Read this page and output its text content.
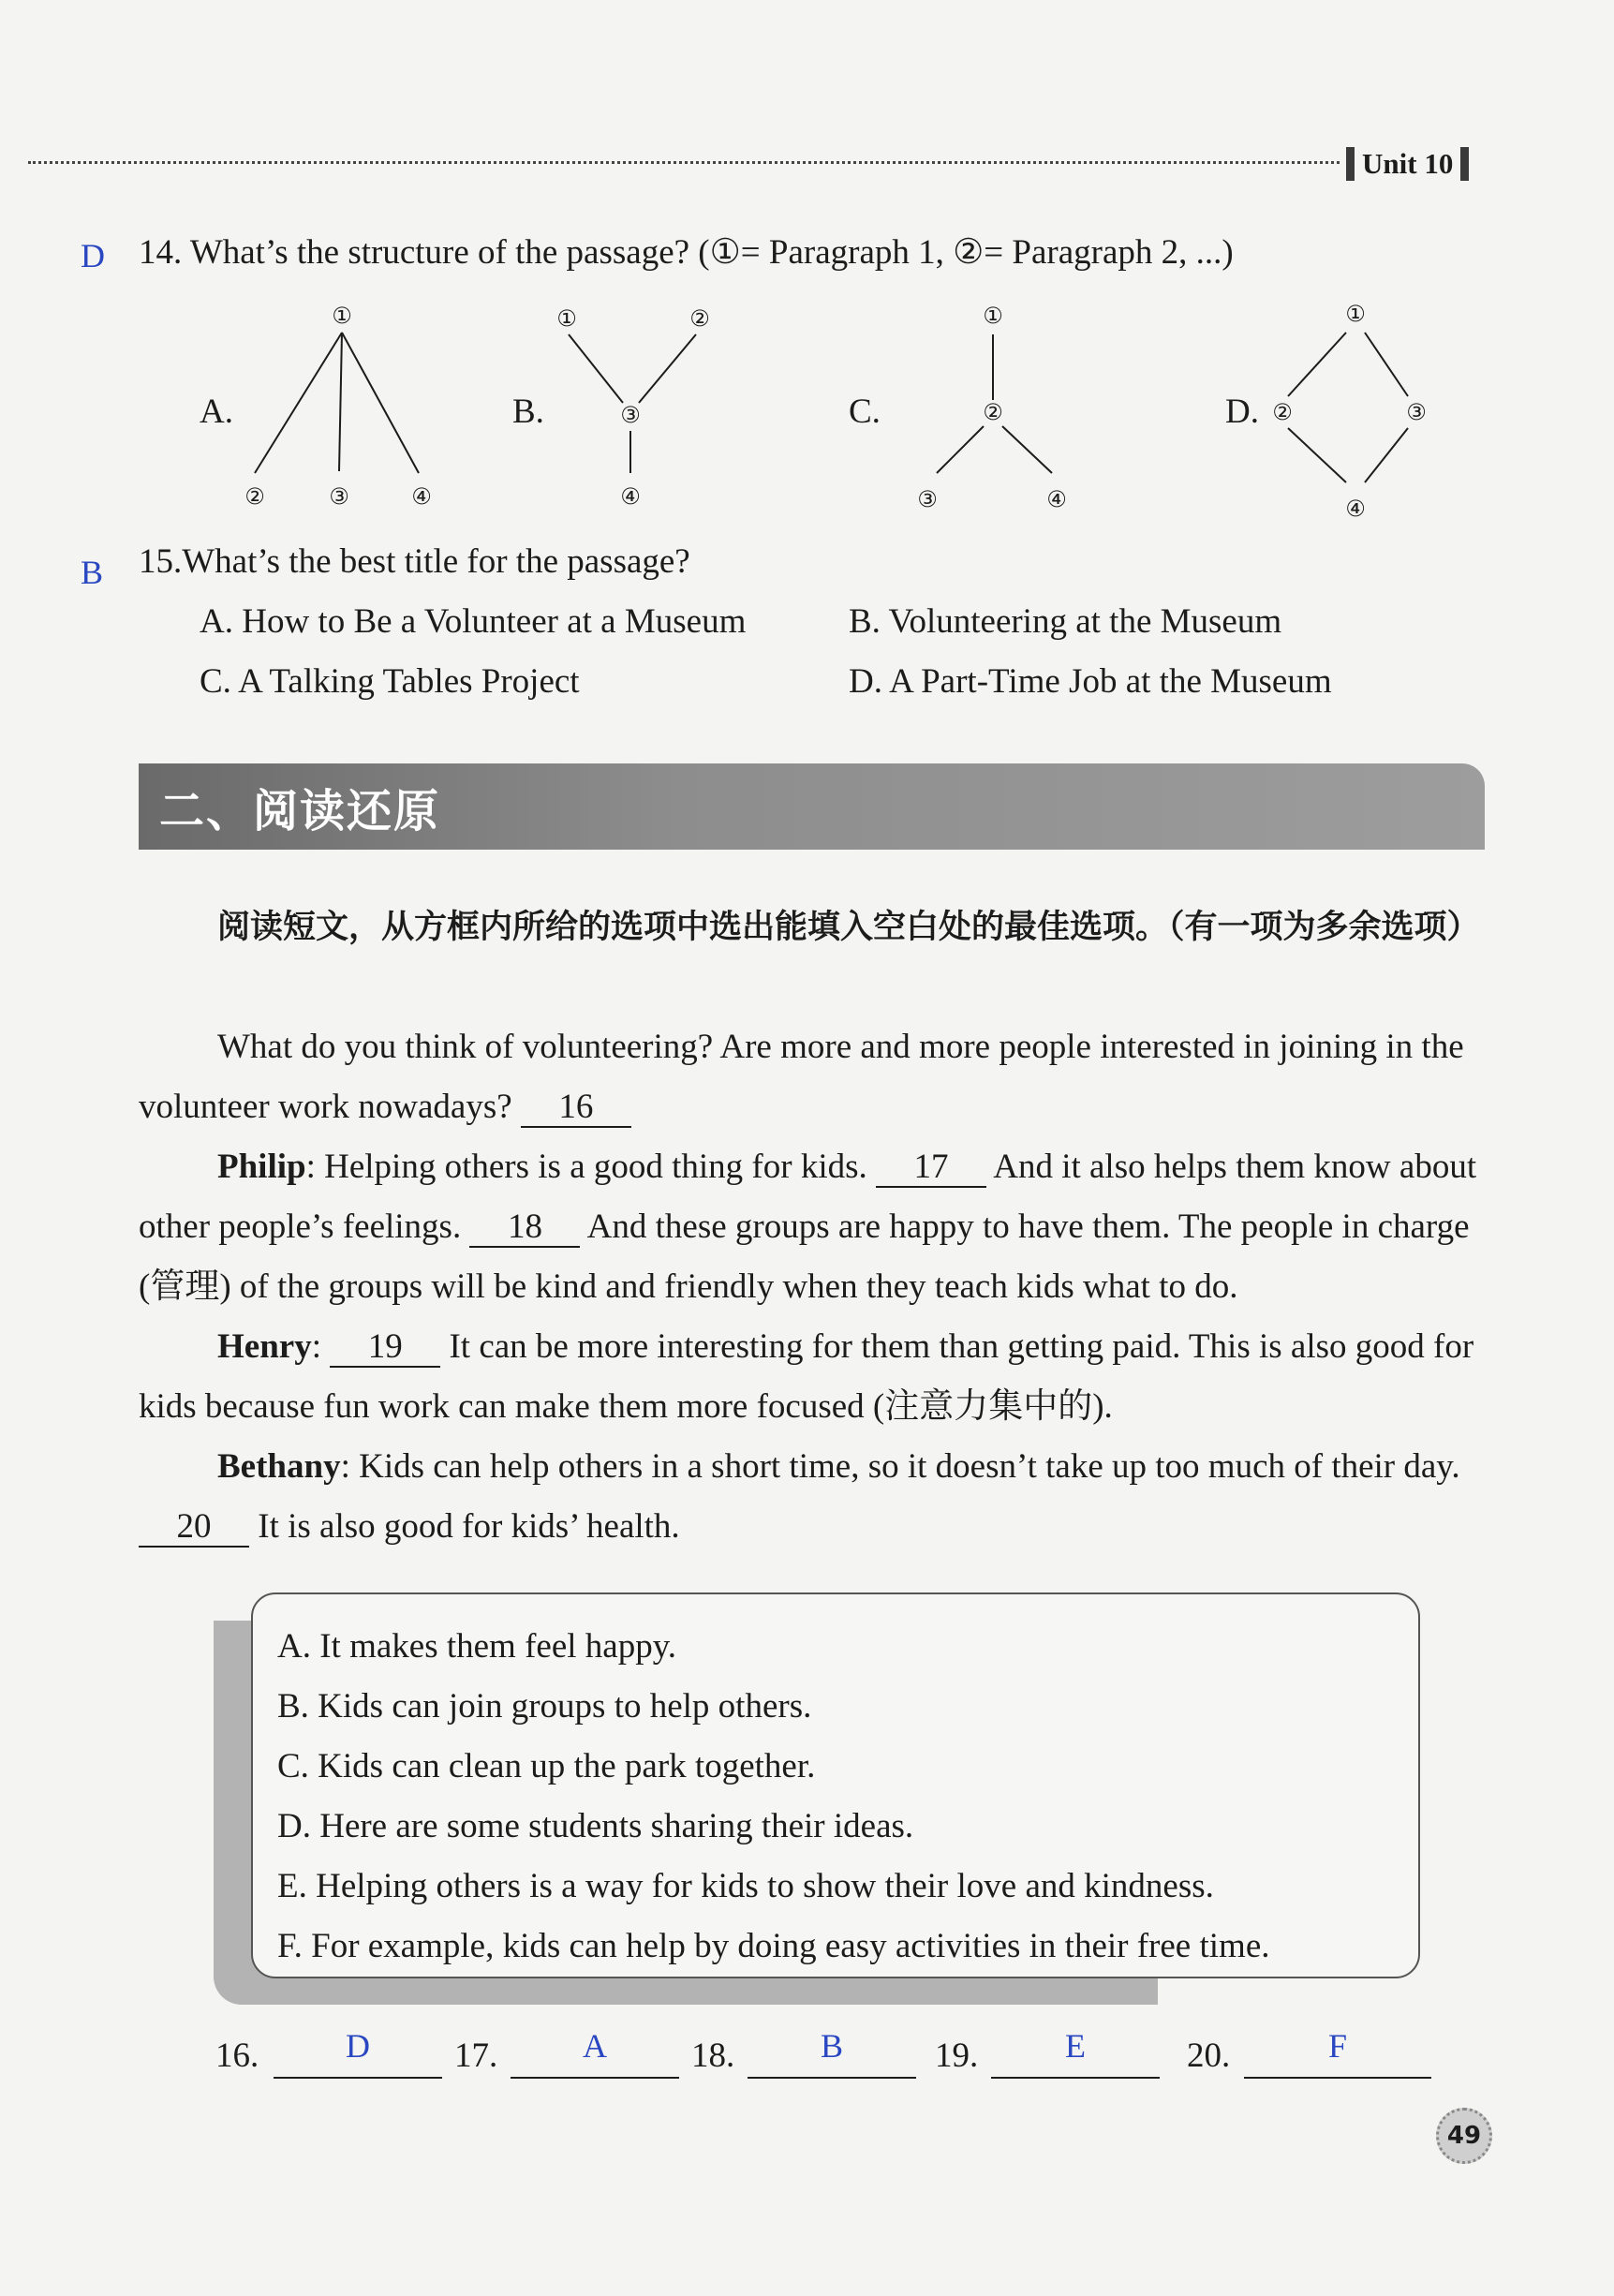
Unit 10
D 14. What’s the structure of the passage? (①= Paragraph 1, ②= Paragraph 2, ...)
A.	B.	C.	D.
①
②	③	④
①	②
③
④
①
②
③	④
①
②	③
④
B 15.What’s the best title for the passage?
A. How to Be a Volunteer at a Museum	B. Volunteering at the Museum
C. A Talking Tables Project	D. A Part-Time Job at the Museum
二、阅读还原
阅读短文，从方框内所给的选项中选出能填入空白处的最佳选项。（有一项为多余选项）
What do you think of volunteering? Are more and more people interested in joining in the volunteer work nowadays? 16
Philip: Helping others is a good thing for kids. 17 And it also helps them know about other people’s feelings. 18 And these groups are happy to have them. The people in charge (管理) of the groups will be kind and friendly when they teach kids what to do.
Henry: 19 It can be more interesting for them than getting paid. This is also good for kids because fun work can make them more focused (注意力集中的).
Bethany: Kids can help others in a short time, so it doesn’t take up too much of their day. 20 It is also good for kids’ health.
A. It makes them feel happy.
B. Kids can join groups to help others.
C. Kids can clean up the park together.
D. Here are some students sharing their ideas.
E. Helping others is a way for kids to show their love and kindness.
F. For example, kids can help by doing easy activities in their free time.
16.	D	17.	A	18.	B	19.	E	20.	F
49
